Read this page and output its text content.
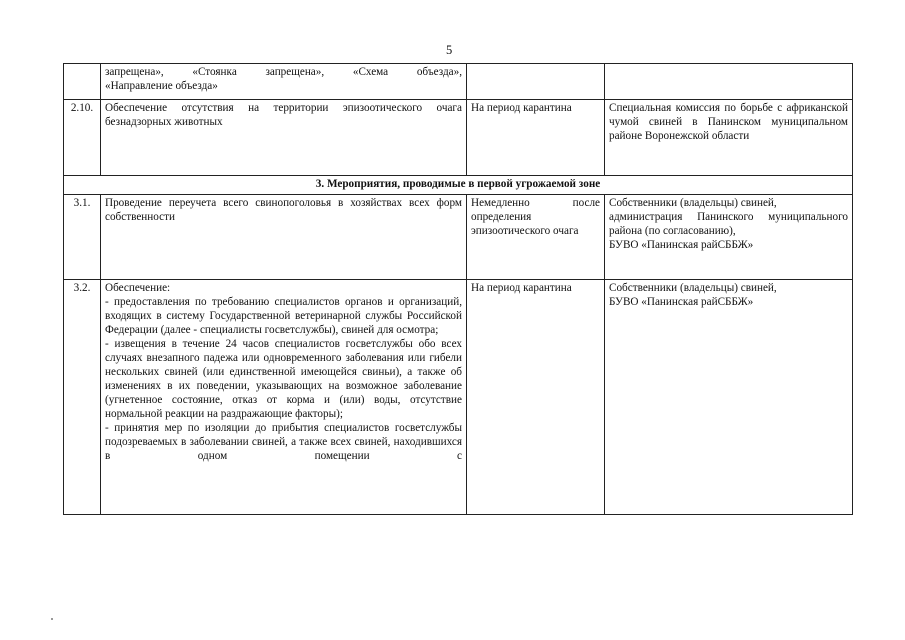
5

	запрещена», «Стоянка запрещена», «Схема объезда»,
«Направление объезда»		

2.10.	Обеспечение отсутствия на территории эпизоотического очага безнадзорных животных	На период карантина	Специальная комиссия по борьбе с африканской чумой свиней в Панинском муниципальном районе Воронежской области
3. Мероприятия, проводимые в первой угрожаемой зоне			
3.1.	Проведение переучета всего свинопоголовья в хозяйствах всех форм собственности	Немедленно после определения эпизоотического очага	Собственники (владельцы) свиней,
администрация Панинского муниципального района (по согласованию),
БУВО «Панинская райСББЖ»

3.2.	Обеспечение:
- предоставления по требованию специалистов органов и организаций, входящих в систему Государственной ветеринарной службы Российской Федерации (далее - специалисты госветслужбы), свиней для осмотра;
- извещения в течение 24 часов специалистов госветслужбы обо всех случаях внезапного падежа или одновременного заболевания или гибели нескольких свиней (или единственной имеющейся свиньи), а также об изменениях в их поведении, указывающих на возможное заболевание (угнетенное состояние, отказ от корма и (или) воды, отсутствие нормальной реакции на раздражающие факторы);
- принятия мер по изоляции до прибытия специалистов госветслужбы подозреваемых в заболевании свиней, а также всех свиней, находившихся в одном помещении с	На период карантина	Собственники (владельцы) свиней,
БУВО «Панинская райСББЖ»
